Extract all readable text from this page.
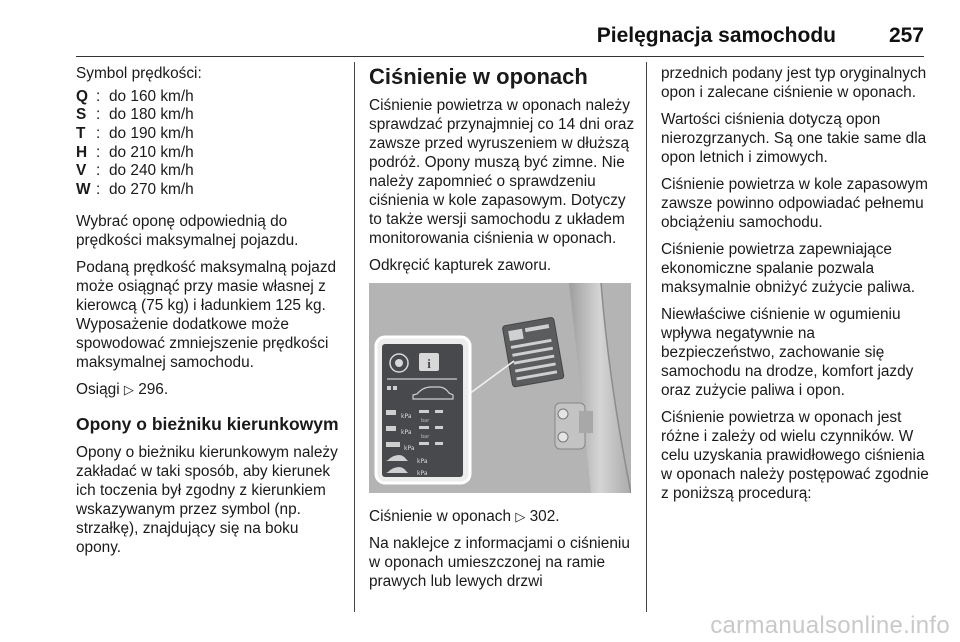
Pielęgnacja samochodu	257

Symbol prędkości:

Q : do 160 km/h
S : do 180 km/h
T : do 190 km/h
H : do 210 km/h
V : do 240 km/h
W : do 270 km/h

Wybrać oponę odpowiednią do prędkości maksymalnej pojazdu.

Podaną prędkość maksymalną pojazd może osiągnąć przy masie własnej z kierowcą (75 kg) i ładunkiem 125 kg. Wyposażenie dodatkowe może spowodować zmniejszenie prędkości maksymalnej samochodu.

Osiągi ▷ 296.

Opony o bieżniku kierunkowym

Opony o bieżniku kierunkowym należy zakładać w taki sposób, aby kierunek ich toczenia był zgodny z kierunkiem wskazywanym przez symbol (np. strzałkę), znajdujący się na boku opony.

Ciśnienie w oponach

Ciśnienie powietrza w oponach należy sprawdzać przynajmniej co 14 dni oraz zawsze przed wyruszeniem w dłuższą podróż. Opony muszą być zimne. Nie należy zapomnieć o sprawdzeniu ciśnienia w kole zapasowym. Dotyczy to także wersji samochodu z układem monitorowania ciśnienia w oponach.

Odkręcić kapturek zaworu.

i
kPa
kPa
kPa
kPa
kPa
bar
bar

Ciśnienie w oponach ▷ 302.

Na naklejce z informacjami o ciśnieniu w oponach umieszczonej na ramie prawych lub lewych drzwi

przednich podany jest typ oryginalnych opon i zalecane ciśnienie w oponach.

Wartości ciśnienia dotyczą opon nierozgrzanych. Są one takie same dla opon letnich i zimowych.

Ciśnienie powietrza w kole zapasowym zawsze powinno odpowiadać pełnemu obciążeniu samochodu.

Ciśnienie powietrza zapewniające ekonomiczne spalanie pozwala maksymalnie obniżyć zużycie paliwa.

Niewłaściwe ciśnienie w ogumieniu wpływa negatywnie na bezpieczeństwo, zachowanie się samochodu na drodze, komfort jazdy oraz zużycie paliwa i opon.

Ciśnienie powietrza w oponach jest różne i zależy od wielu czynników. W celu uzyskania prawidłowego ciśnienia w oponach należy postępować zgodnie z poniższą procedurą:

carmanualsonline.info
